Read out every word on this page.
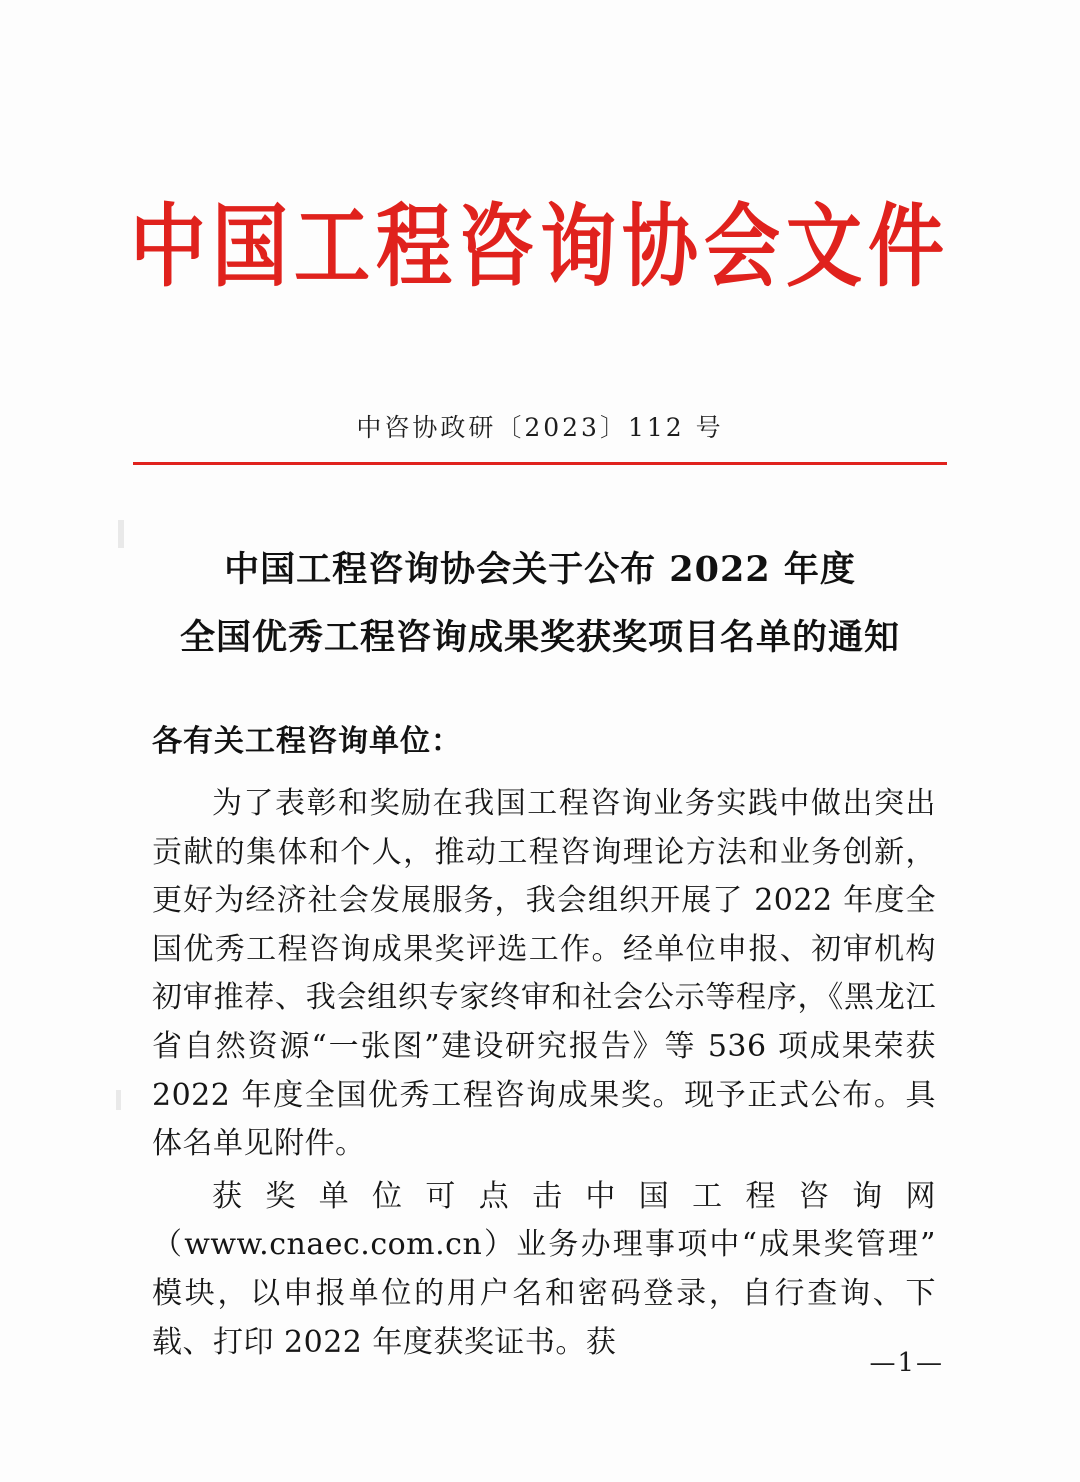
中国工程咨询协会文件
中咨协政研〔2023〕112 号
中国工程咨询协会关于公布 2022 年度
全国优秀工程咨询成果奖获奖项目名单的通知
各有关工程咨询单位：

为了表彰和奖励在我国工程咨询业务实践中做出突出贡献的集体和个人，推动工程咨询理论方法和业务创新，更好为经济社会发展服务，我会组织开展了 2022 年度全国优秀工程咨询成果奖评选工作。经单位申报、初审机构初审推荐、我会组织专家终审和社会公示等程序，《黑龙江省自然资源“一张图”建设研究报告》等 536 项成果荣获 2022 年度全国优秀工程咨询成果奖。现予正式公布。具体名单见附件。

获奖单位可点击中国工程咨询网（www.cnaec.com.cn）业务办理事项中“成果奖管理”模块，以申报单位的用户名和密码登录，自行查询、下载、打印 2022 年度获奖证书。获

—1—
